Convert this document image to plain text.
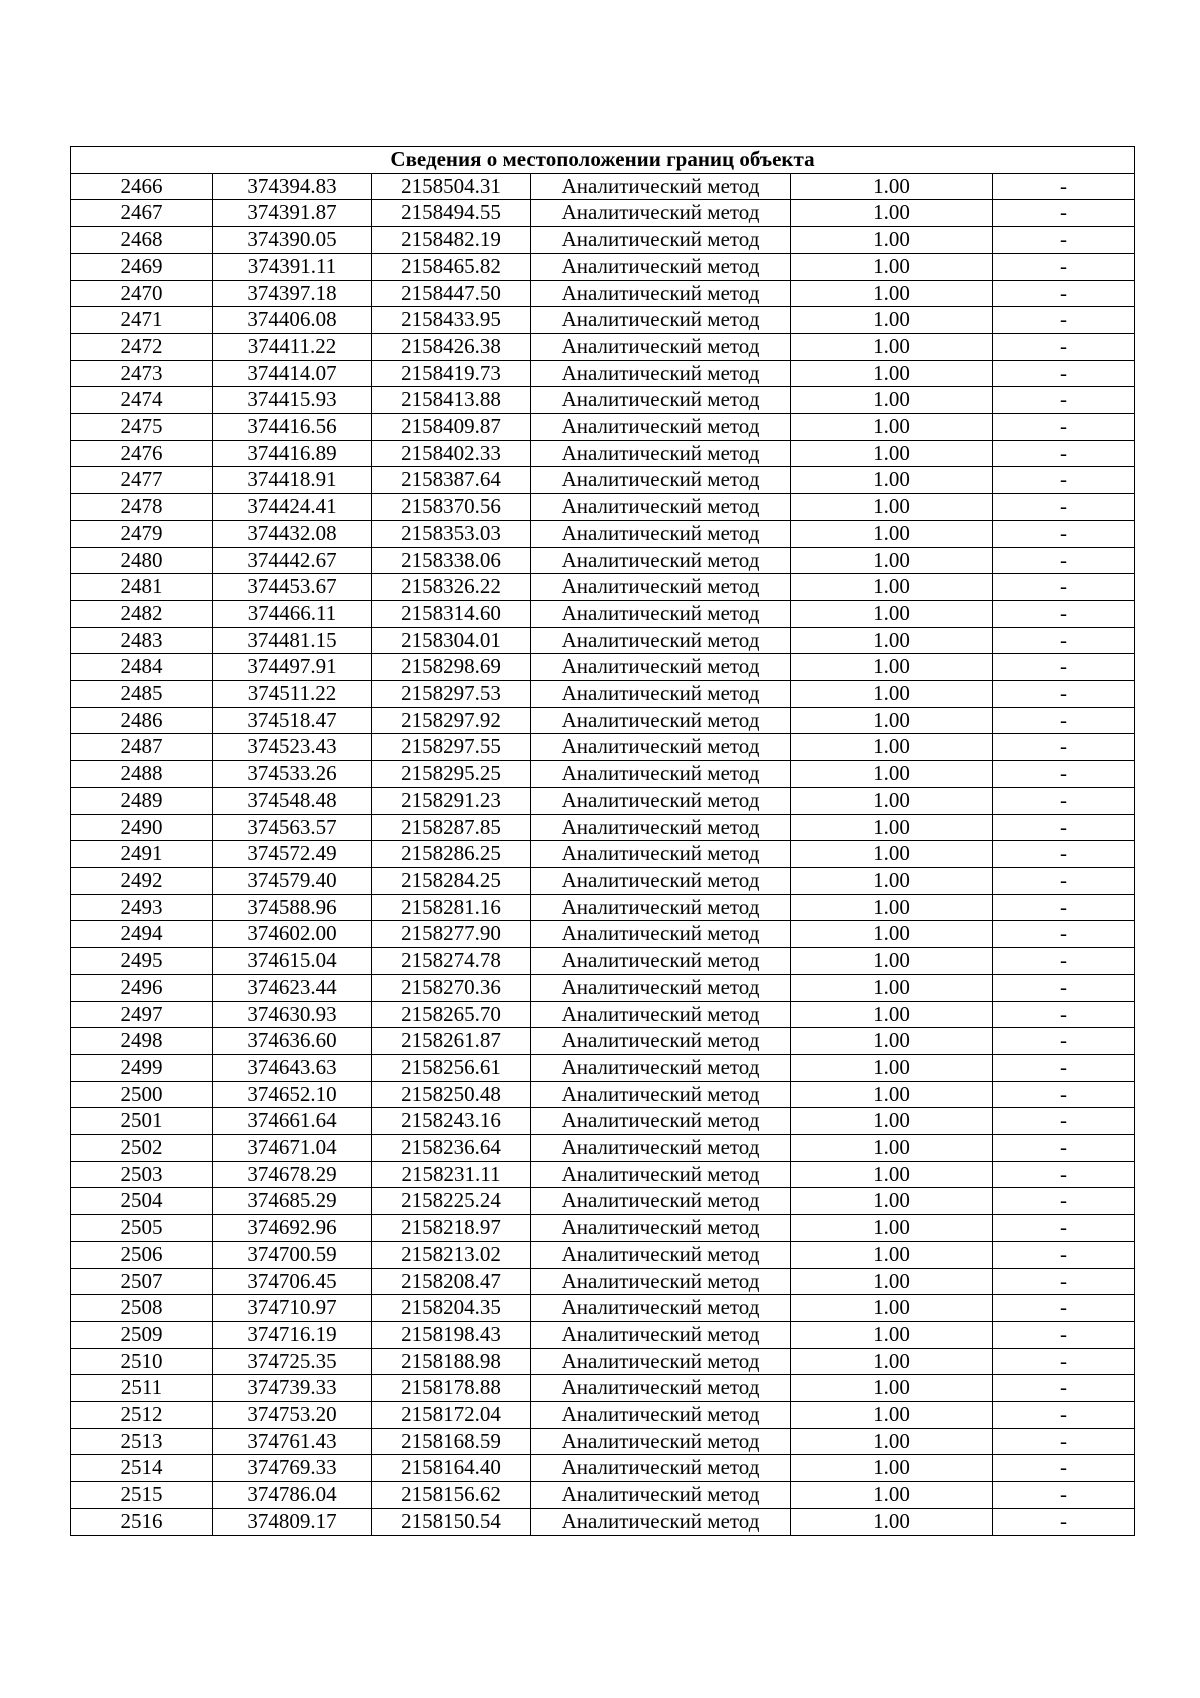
Сведения о местоположении границ объекта					
2466	374394.83	2158504.31	Аналитический метод	1.00	-
2467	374391.87	2158494.55	Аналитический метод	1.00	-
2468	374390.05	2158482.19	Аналитический метод	1.00	-
2469	374391.11	2158465.82	Аналитический метод	1.00	-
2470	374397.18	2158447.50	Аналитический метод	1.00	-
2471	374406.08	2158433.95	Аналитический метод	1.00	-
2472	374411.22	2158426.38	Аналитический метод	1.00	-
2473	374414.07	2158419.73	Аналитический метод	1.00	-
2474	374415.93	2158413.88	Аналитический метод	1.00	-
2475	374416.56	2158409.87	Аналитический метод	1.00	-
2476	374416.89	2158402.33	Аналитический метод	1.00	-
2477	374418.91	2158387.64	Аналитический метод	1.00	-
2478	374424.41	2158370.56	Аналитический метод	1.00	-
2479	374432.08	2158353.03	Аналитический метод	1.00	-
2480	374442.67	2158338.06	Аналитический метод	1.00	-
2481	374453.67	2158326.22	Аналитический метод	1.00	-
2482	374466.11	2158314.60	Аналитический метод	1.00	-
2483	374481.15	2158304.01	Аналитический метод	1.00	-
2484	374497.91	2158298.69	Аналитический метод	1.00	-
2485	374511.22	2158297.53	Аналитический метод	1.00	-
2486	374518.47	2158297.92	Аналитический метод	1.00	-
2487	374523.43	2158297.55	Аналитический метод	1.00	-
2488	374533.26	2158295.25	Аналитический метод	1.00	-
2489	374548.48	2158291.23	Аналитический метод	1.00	-
2490	374563.57	2158287.85	Аналитический метод	1.00	-
2491	374572.49	2158286.25	Аналитический метод	1.00	-
2492	374579.40	2158284.25	Аналитический метод	1.00	-
2493	374588.96	2158281.16	Аналитический метод	1.00	-
2494	374602.00	2158277.90	Аналитический метод	1.00	-
2495	374615.04	2158274.78	Аналитический метод	1.00	-
2496	374623.44	2158270.36	Аналитический метод	1.00	-
2497	374630.93	2158265.70	Аналитический метод	1.00	-
2498	374636.60	2158261.87	Аналитический метод	1.00	-
2499	374643.63	2158256.61	Аналитический метод	1.00	-
2500	374652.10	2158250.48	Аналитический метод	1.00	-
2501	374661.64	2158243.16	Аналитический метод	1.00	-
2502	374671.04	2158236.64	Аналитический метод	1.00	-
2503	374678.29	2158231.11	Аналитический метод	1.00	-
2504	374685.29	2158225.24	Аналитический метод	1.00	-
2505	374692.96	2158218.97	Аналитический метод	1.00	-
2506	374700.59	2158213.02	Аналитический метод	1.00	-
2507	374706.45	2158208.47	Аналитический метод	1.00	-
2508	374710.97	2158204.35	Аналитический метод	1.00	-
2509	374716.19	2158198.43	Аналитический метод	1.00	-
2510	374725.35	2158188.98	Аналитический метод	1.00	-
2511	374739.33	2158178.88	Аналитический метод	1.00	-
2512	374753.20	2158172.04	Аналитический метод	1.00	-
2513	374761.43	2158168.59	Аналитический метод	1.00	-
2514	374769.33	2158164.40	Аналитический метод	1.00	-
2515	374786.04	2158156.62	Аналитический метод	1.00	-
2516	374809.17	2158150.54	Аналитический метод	1.00	-
